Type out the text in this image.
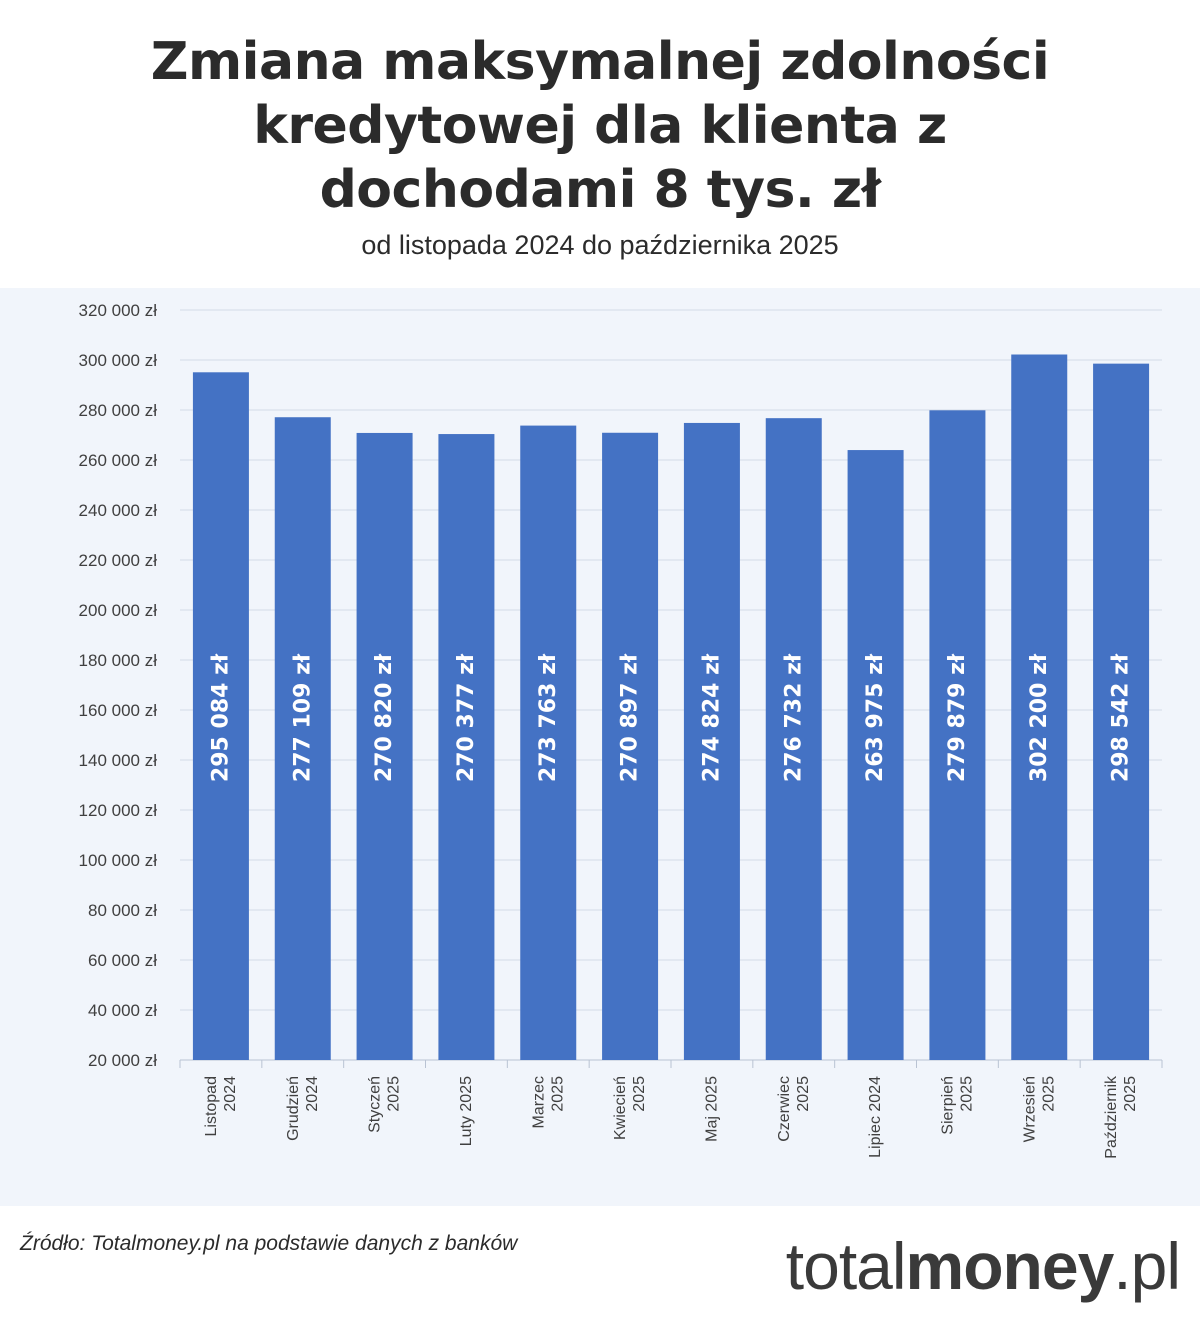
Zmiana maksymalnej zdolności
kredytowej dla klienta z
dochodami 8 tys. zł
od listopada 2024 do października 2025
20 000 zł
40 000 zł
60 000 zł
80 000 zł
100 000 zł
120 000 zł
140 000 zł
160 000 zł
180 000 zł
200 000 zł
220 000 zł
240 000 zł
260 000 zł
280 000 zł
300 000 zł
320 000 zł
295 084 zł
Listopad 2024
277 109 zł
Grudzień 2024
270 820 zł
Styczeń 2025
270 377 zł
Luty 2025
273 763 zł
Marzec 2025
270 897 zł
Kwiecień 2025
274 824 zł
Maj 2025
276 732 zł
Czerwiec 2025
263 975 zł
Lipiec 2024
279 879 zł
Sierpień 2025
302 200 zł
Wrzesień 2025
298 542 zł
Październik 2025
Źródło: Totalmoney.pl na podstawie danych z banków	totalmoney.pl
